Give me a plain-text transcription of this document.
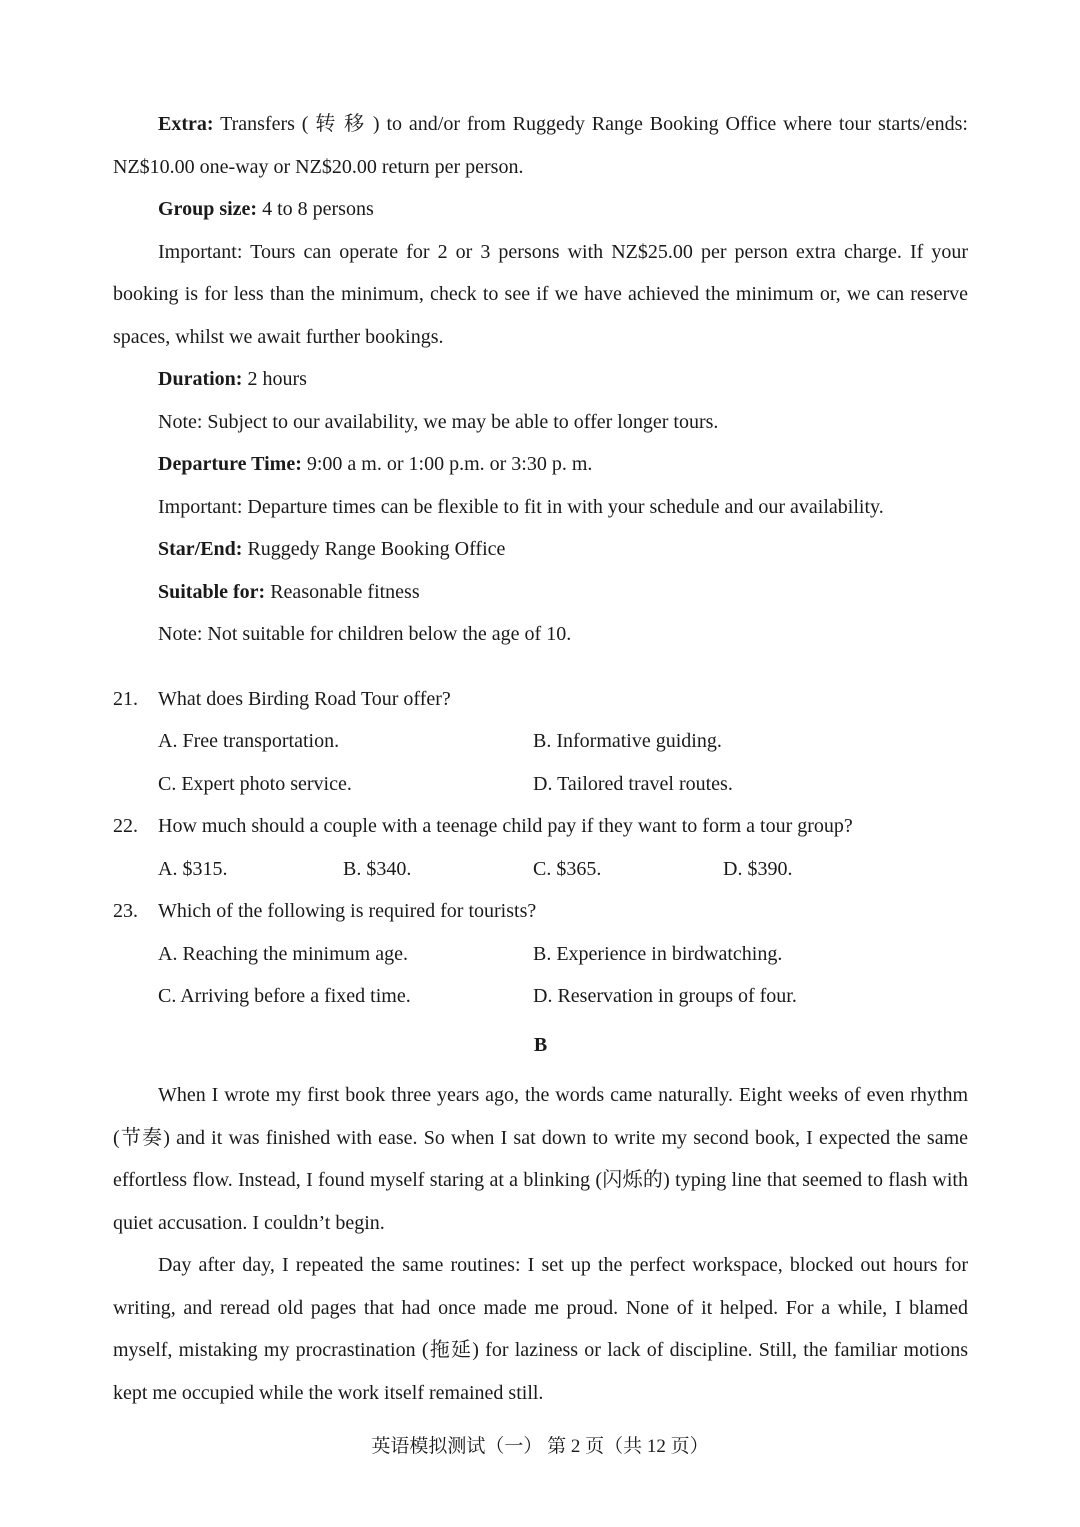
Extra: Transfers ( 转 移 ) to and/or from Ruggedy Range Booking Office where tour starts/ends: NZ$10.00 one-way or NZ$20.00 return per person.

Group size: 4 to 8 persons

Important: Tours can operate for 2 or 3 persons with NZ$25.00 per person extra charge. If your booking is for less than the minimum, check to see if we have achieved the minimum or, we can reserve spaces, whilst we await further bookings.

Duration: 2 hours

Note: Subject to our availability, we may be able to offer longer tours.

Departure Time: 9:00 a m. or 1:00 p.m. or 3:30 p. m.

Important: Departure times can be flexible to fit in with your schedule and our availability.

Star/End: Ruggedy Range Booking Office

Suitable for: Reasonable fitness

Note: Not suitable for children below the age of 10.

21. What does Birding Road Tour offer?

A. Free transportation.	B. Informative guiding.
C. Expert photo service.	D. Tailored travel routes.

22. How much should a couple with a teenage child pay if they want to form a tour group?

A. $315.	B. $340.	C. $365.	D. $390.

23. Which of the following is required for tourists?

A. Reaching the minimum age.	B. Experience in birdwatching.
C. Arriving before a fixed time.	D. Reservation in groups of four.

B

When I wrote my first book three years ago, the words came naturally. Eight weeks of even rhythm (节奏) and it was finished with ease. So when I sat down to write my second book, I expected the same effortless flow. Instead, I found myself staring at a blinking (闪烁的) typing line that seemed to flash with quiet accusation. I couldn’t begin.

Day after day, I repeated the same routines: I set up the perfect workspace, blocked out hours for writing, and reread old pages that had once made me proud. None of it helped. For a while, I blamed myself, mistaking my procrastination (拖延) for laziness or lack of discipline. Still, the familiar motions kept me occupied while the work itself remained still.

英语模拟测试（一） 第 2 页（共 12 页）
